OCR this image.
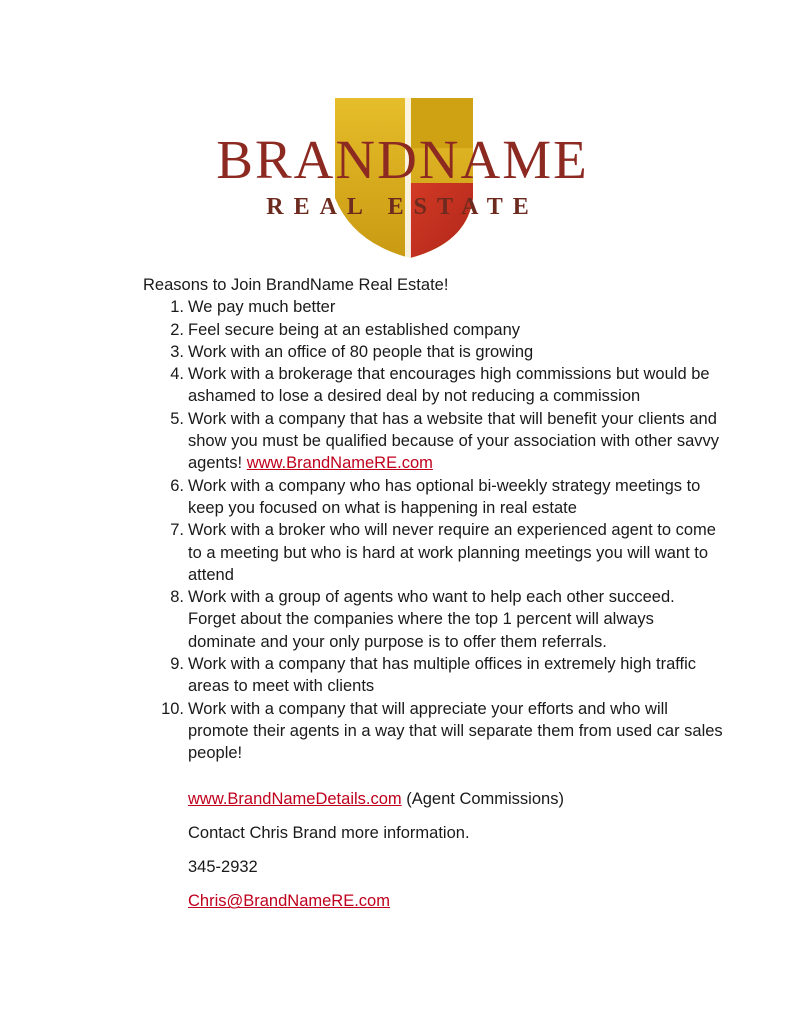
BRANDNAME
REAL ESTATE

Reasons to Join BrandName Real Estate!

1. We pay much better
2. Feel secure being at an established company
3. Work with an office of 80 people that is growing
4. Work with a brokerage that encourages high commissions but would be ashamed to lose a desired deal by not reducing a commission
5. Work with a company that has a website that will benefit your clients and show you must be qualified because of your association with other savvy agents! www.BrandNameRE.com
6. Work with a company who has optional bi-weekly strategy meetings to keep you focused on what is happening in real estate
7. Work with a broker who will never require an experienced agent to come to a meeting but who is hard at work planning meetings you will want to attend
8. Work with a group of agents who want to help each other succeed. Forget about the companies where the top 1 percent will always dominate and your only purpose is to offer them referrals.
9. Work with a company that has multiple offices in extremely high traffic areas to meet with clients
10. Work with a company that will appreciate your efforts and who will promote their agents in a way that will separate them from used car sales people!

www.BrandNameDetails.com (Agent Commissions)

Contact Chris Brand more information.

345-2932

Chris@BrandNameRE.com
